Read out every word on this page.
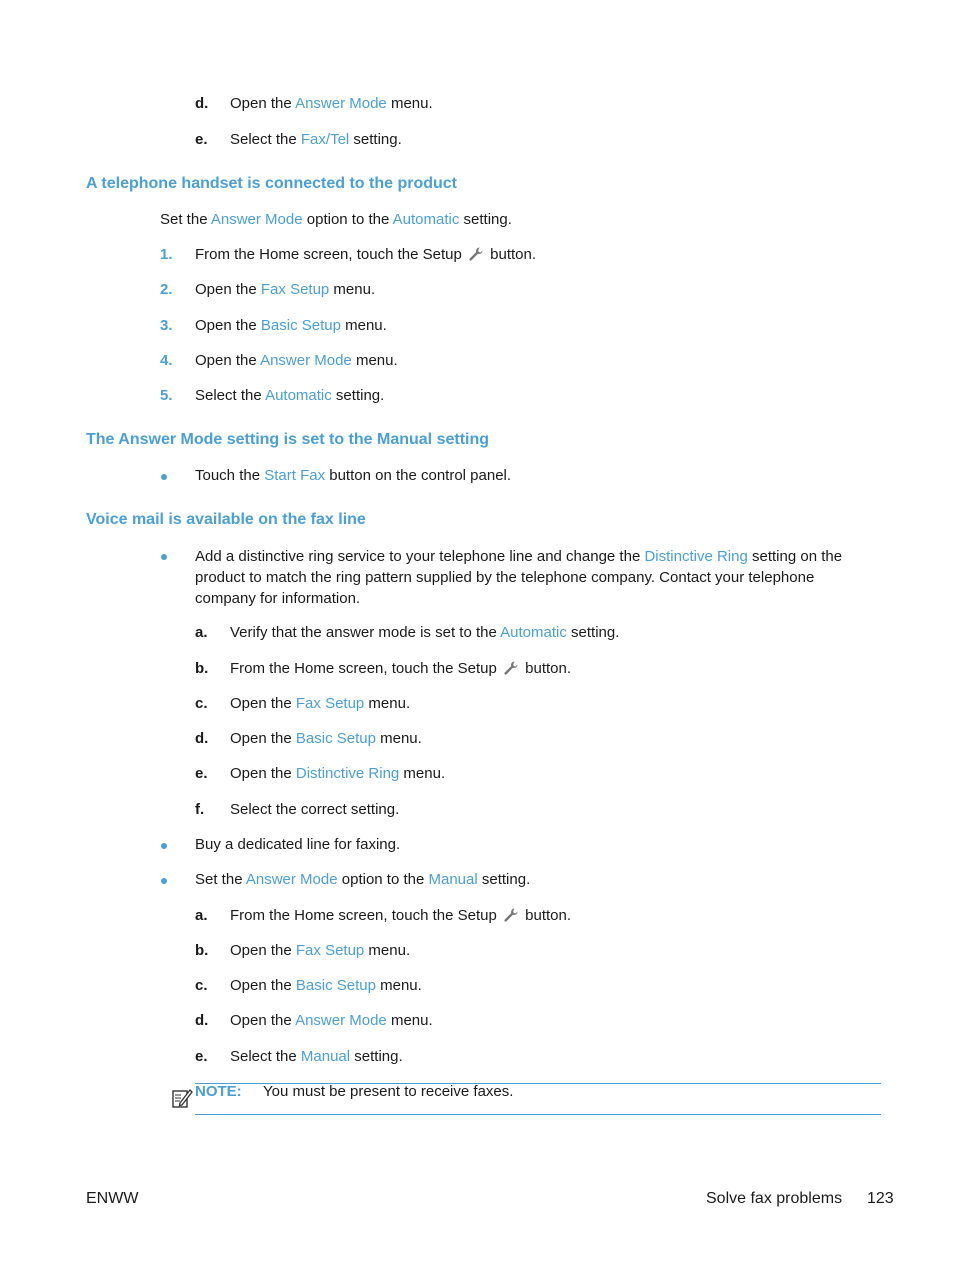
d. Open the Answer Mode menu.
e. Select the Fax/Tel setting.
A telephone handset is connected to the product
Set the Answer Mode option to the Automatic setting.
1. From the Home screen, touch the Setup  button.
2. Open the Fax Setup menu.
3. Open the Basic Setup menu.
4. Open the Answer Mode menu.
5. Select the Automatic setting.
The Answer Mode setting is set to the Manual setting
Touch the Start Fax button on the control panel.
Voice mail is available on the fax line
Add a distinctive ring service to your telephone line and change the Distinctive Ring setting on the
product to match the ring pattern supplied by the telephone company. Contact your telephone
company for information.
a. Verify that the answer mode is set to the Automatic setting.
b. From the Home screen, touch the Setup  button.
c. Open the Fax Setup menu.
d. Open the Basic Setup menu.
e. Open the Distinctive Ring menu.
f. Select the correct setting.
Buy a dedicated line for faxing.
Set the Answer Mode option to the Manual setting.
a. From the Home screen, touch the Setup  button.
b. Open the Fax Setup menu.
c. Open the Basic Setup menu.
d. Open the Answer Mode menu.
e. Select the Manual setting.
NOTE: You must be present to receive faxes.
ENWW	Solve fax problems 123
